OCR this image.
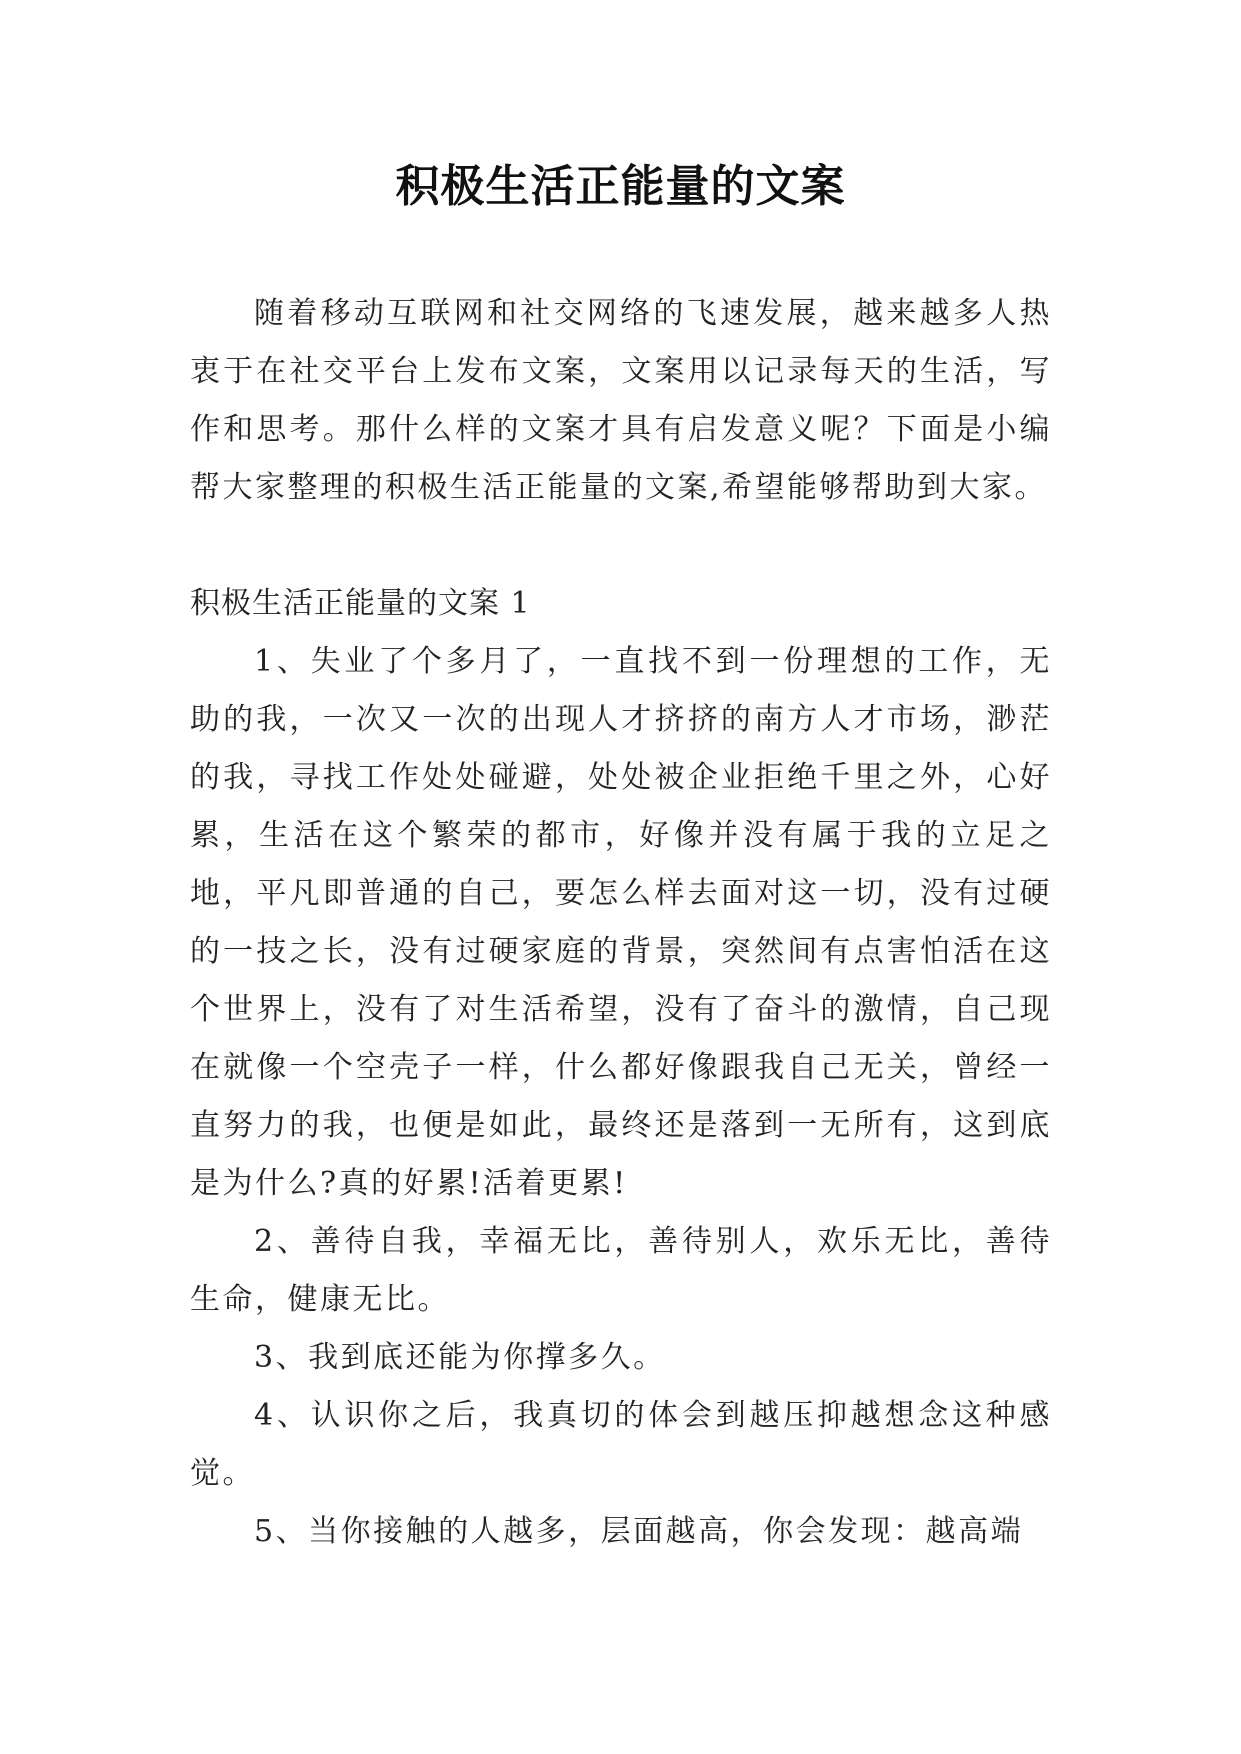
积极生活正能量的文案

随着移动互联网和社交网络的飞速发展，越来越多人热衷于在社交平台上发布文案，文案用以记录每天的生活，写作和思考。那什么样的文案才具有启发意义呢？下面是小编帮大家整理的积极生活正能量的文案,希望能够帮助到大家。

积极生活正能量的文案 1

1、失业了个多月了，一直找不到一份理想的工作，无助的我，一次又一次的出现人才挤挤的南方人才市场，渺茫的我，寻找工作处处碰避，处处被企业拒绝千里之外，心好累，生活在这个繁荣的都市，好像并没有属于我的立足之地，平凡即普通的自己，要怎么样去面对这一切，没有过硬的一技之长，没有过硬家庭的背景，突然间有点害怕活在这个世界上，没有了对生活希望，没有了奋斗的激情，自己现在就像一个空壳子一样，什么都好像跟我自己无关，曾经一直努力的我，也便是如此，最终还是落到一无所有，这到底是为什么?真的好累!活着更累!

2、善待自我，幸福无比，善待别人，欢乐无比，善待生命，健康无比。

3、我到底还能为你撑多久。

4、认识你之后，我真切的体会到越压抑越想念这种感觉。

5、当你接触的人越多，层面越高，你会发现：越高端
